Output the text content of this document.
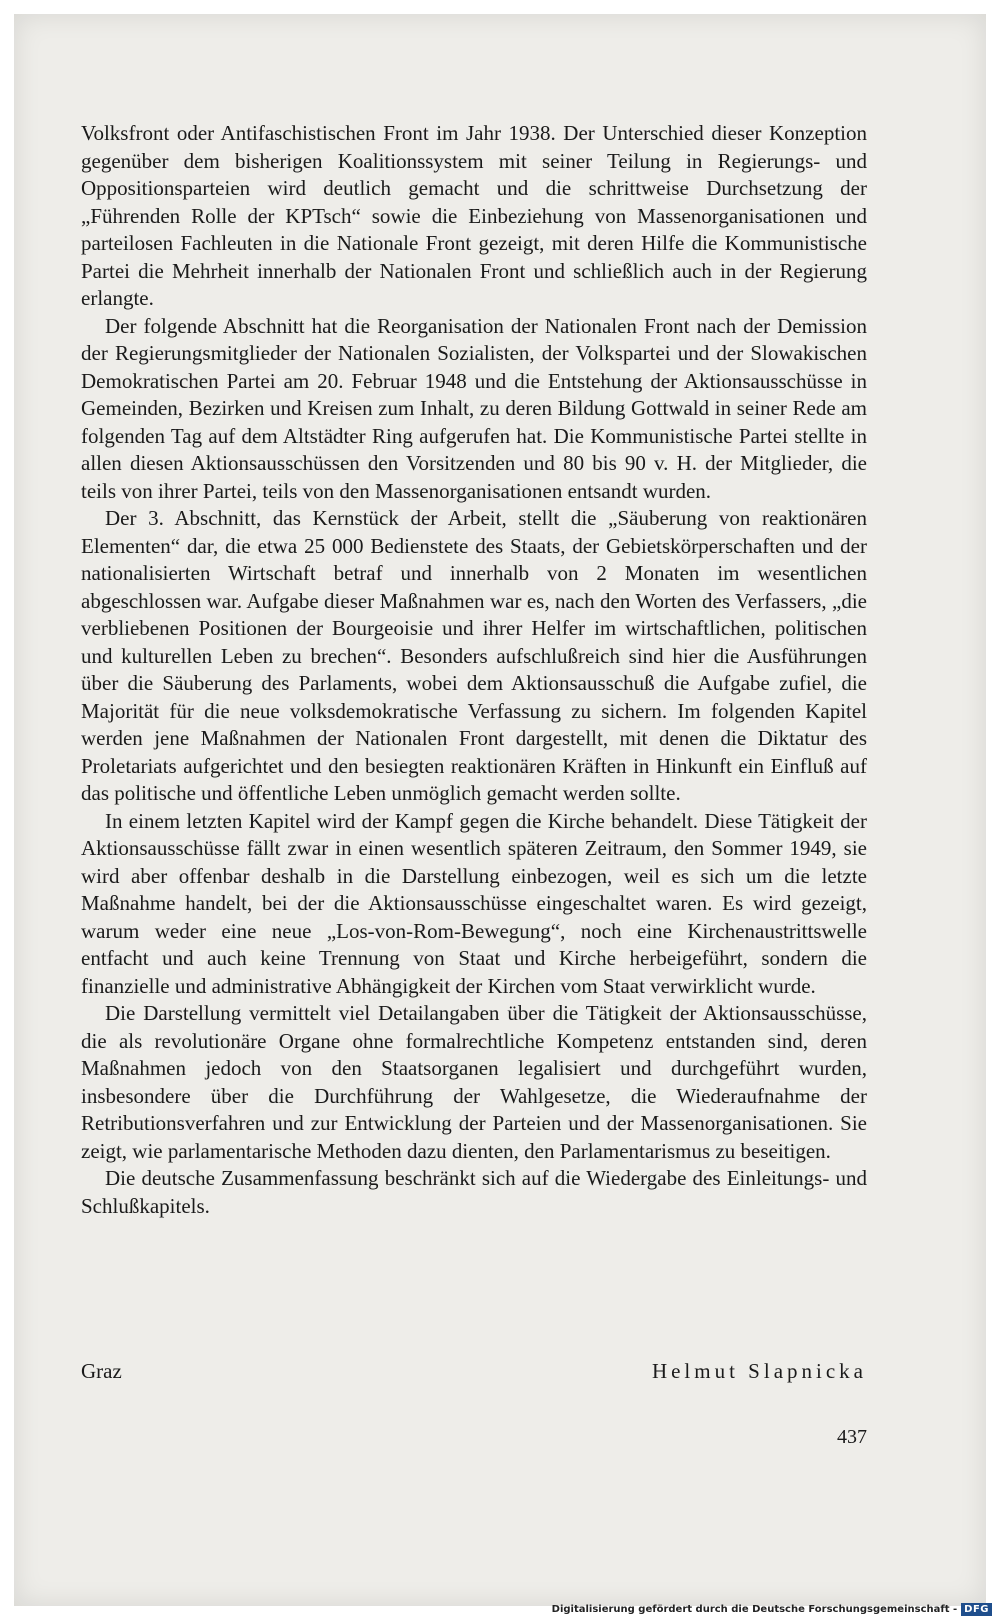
Volksfront oder Antifaschistischen Front im Jahr 1938. Der Unterschied dieser Konzeption gegenüber dem bisherigen Koalitionssystem mit seiner Teilung in Regierungs- und Oppositionsparteien wird deutlich gemacht und die schrittweise Durchsetzung der „Führenden Rolle der KPTsch“ sowie die Einbeziehung von Massenorganisationen und parteilosen Fachleuten in die Nationale Front gezeigt, mit deren Hilfe die Kommunistische Partei die Mehrheit innerhalb der Nationalen Front und schließlich auch in der Regierung erlangte.

Der folgende Abschnitt hat die Reorganisation der Nationalen Front nach der Demission der Regierungsmitglieder der Nationalen Sozialisten, der Volkspartei und der Slowakischen Demokratischen Partei am 20. Februar 1948 und die Entstehung der Aktionsausschüsse in Gemeinden, Bezirken und Kreisen zum Inhalt, zu deren Bildung Gottwald in seiner Rede am folgenden Tag auf dem Altstädter Ring aufgerufen hat. Die Kommunistische Partei stellte in allen diesen Aktionsausschüssen den Vorsitzenden und 80 bis 90 v. H. der Mitglieder, die teils von ihrer Partei, teils von den Massenorganisationen entsandt wurden.

Der 3. Abschnitt, das Kernstück der Arbeit, stellt die „Säuberung von reaktionären Elementen“ dar, die etwa 25 000 Bedienstete des Staats, der Gebietskörperschaften und der nationalisierten Wirtschaft betraf und innerhalb von 2 Monaten im wesentlichen abgeschlossen war. Aufgabe dieser Maßnahmen war es, nach den Worten des Verfassers, „die verbliebenen Positionen der Bourgeoisie und ihrer Helfer im wirtschaftlichen, politischen und kulturellen Leben zu brechen“. Besonders aufschlußreich sind hier die Ausführungen über die Säuberung des Parlaments, wobei dem Aktionsausschuß die Aufgabe zufiel, die Majorität für die neue volksdemokratische Verfassung zu sichern. Im folgenden Kapitel werden jene Maßnahmen der Nationalen Front dargestellt, mit denen die Diktatur des Proletariats aufgerichtet und den besiegten reaktionären Kräften in Hinkunft ein Einfluß auf das politische und öffentliche Leben unmöglich gemacht werden sollte.

In einem letzten Kapitel wird der Kampf gegen die Kirche behandelt. Diese Tätigkeit der Aktionsausschüsse fällt zwar in einen wesentlich späteren Zeitraum, den Sommer 1949, sie wird aber offenbar deshalb in die Darstellung einbezogen, weil es sich um die letzte Maßnahme handelt, bei der die Aktionsausschüsse eingeschaltet waren. Es wird gezeigt, warum weder eine neue „Los-von-Rom-Bewegung“, noch eine Kirchenaustrittswelle entfacht und auch keine Trennung von Staat und Kirche herbeigeführt, sondern die finanzielle und administrative Abhängigkeit der Kirchen vom Staat verwirklicht wurde.

Die Darstellung vermittelt viel Detailangaben über die Tätigkeit der Aktionsausschüsse, die als revolutionäre Organe ohne formalrechtliche Kompetenz entstanden sind, deren Maßnahmen jedoch von den Staatsorganen legalisiert und durchgeführt wurden, insbesondere über die Durchführung der Wahlgesetze, die Wiederaufnahme der Retributionsverfahren und zur Entwicklung der Parteien und der Massenorganisationen. Sie zeigt, wie parlamentarische Methoden dazu dienten, den Parlamentarismus zu beseitigen.

Die deutsche Zusammenfassung beschränkt sich auf die Wiedergabe des Einleitungs- und Schlußkapitels.

Graz	Helmut Slapnicka
437
Digitalisierung gefördert durch die Deutsche Forschungsgemeinschaft - DFG
